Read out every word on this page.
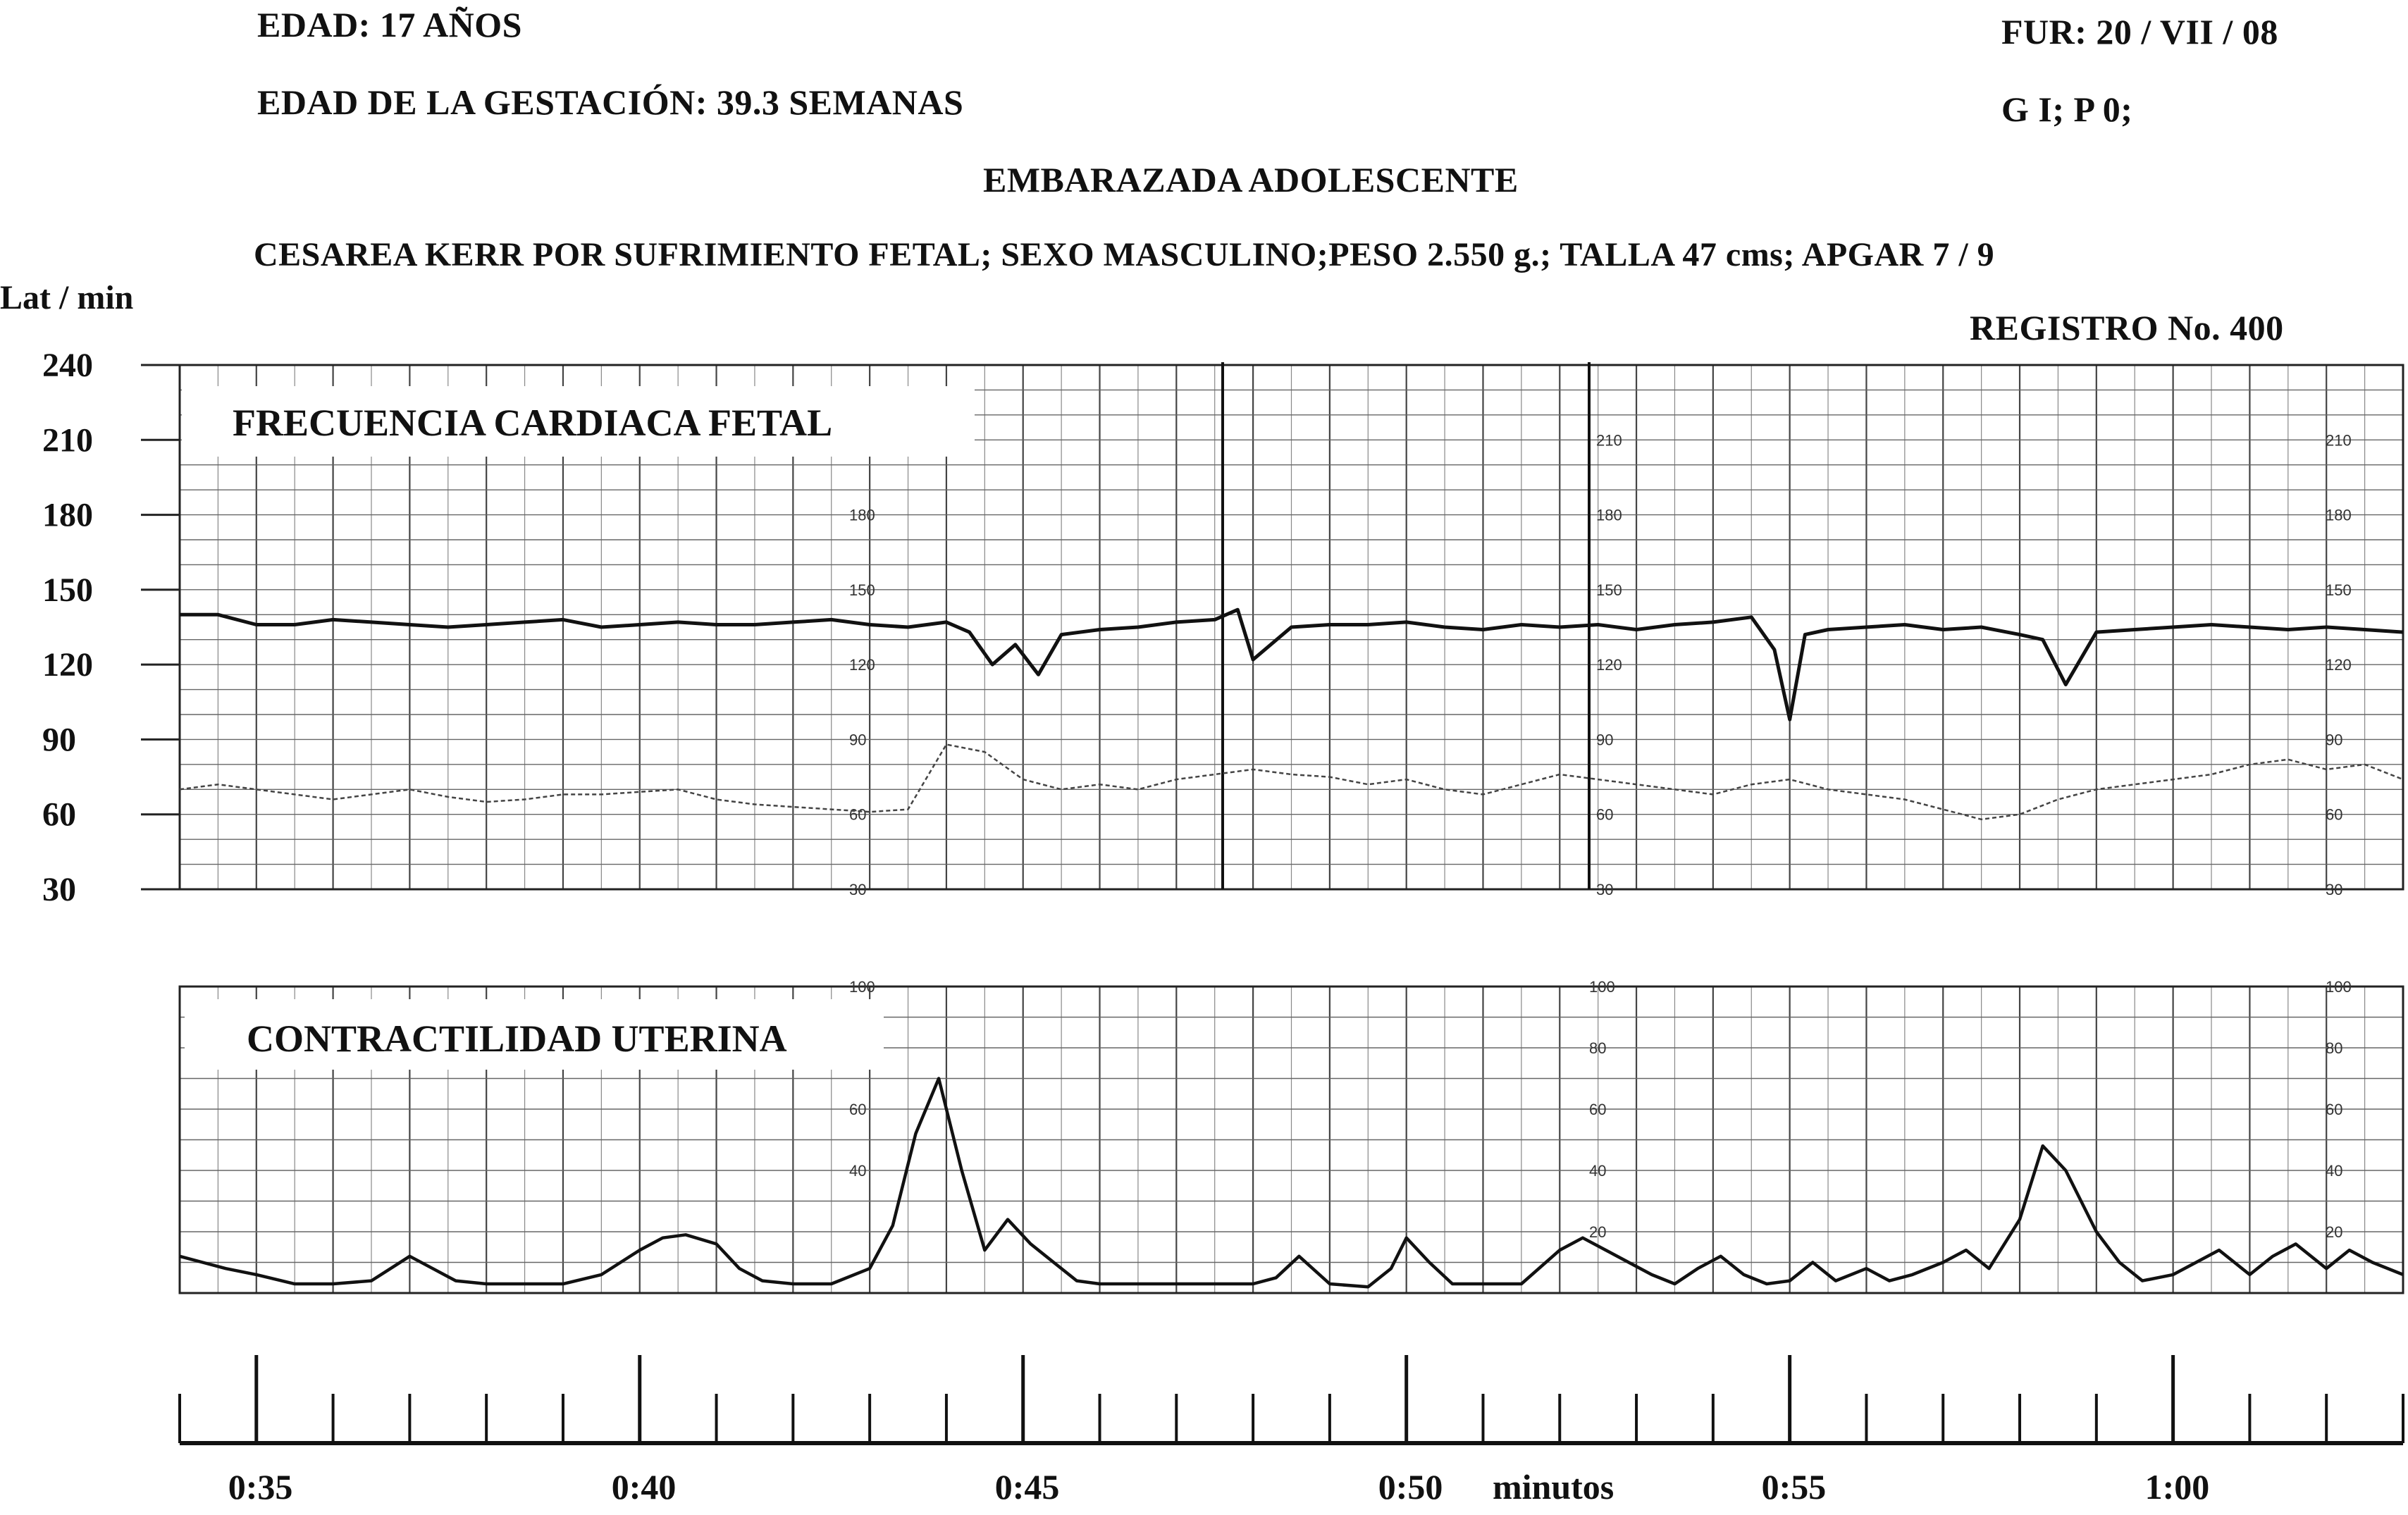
EDAD: 17 AÑOS	FUR: 20 / VII / 08
EDAD DE LA GESTACIÓN: 39.3 SEMANAS	G I; P 0;
EMBARAZADA ADOLESCENTE
CESAREA KERR POR SUFRIMIENTO FETAL; SEXO MASCULINO;PESO 2.550 g.; TALLA 47 cms; APGAR 7 / 9
REGISTRO No. 400
240
210
180
150
120
90
60
30
180
150
120
90
60
30
210
180
150
120
90
60
30
210
180
150
120
90
60
30
100
60
40
100
80
60
40
20
100
80
60
40
20
0:35	0:40	0:45	0:50	0:55	1:00
FRECUENCIA CARDIACA FETAL
CONTRACTILIDAD UTERINA
Lat / min
minutos
